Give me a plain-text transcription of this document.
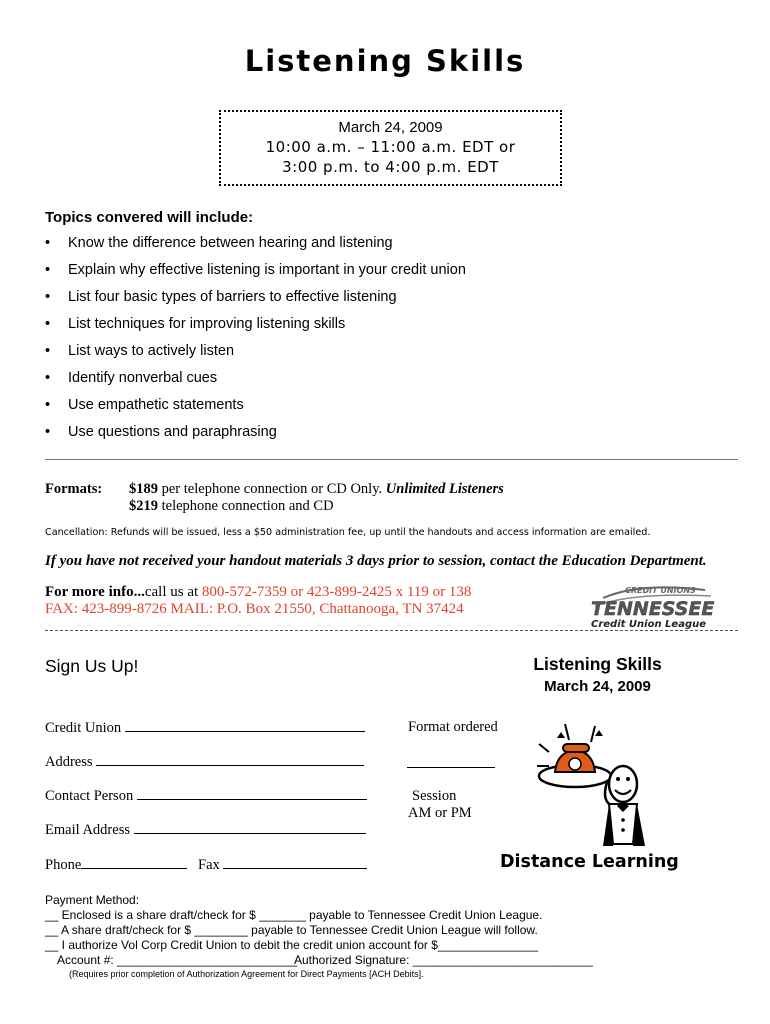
Listening Skills
March 24, 2009
10:00 a.m. – 11:00 a.m. EDT or
3:00 p.m. to 4:00 p.m. EDT
Topics convered will include:
• Know the difference between hearing and listening
• Explain why effective listening is important in your credit union
• List four basic types of barriers to effective listening
• List techniques for improving listening skills
• List ways to actively listen
• Identify nonverbal cues
• Use empathetic statements
• Use questions and paraphrasing
Formats: $189 per telephone connection or CD Only. Unlimited Listeners
$219 telephone connection and CD
Cancellation: Refunds will be issued, less a $50 administration fee, up until the handouts and access information are emailed.
If you have not received your handout materials 3 days prior to session, contact the Education Department.
For more info...call us at 800-572-7359 or 423-899-2425 x 119 or 138
FAX: 423-899-8726 MAIL: P.O. Box 21550, Chattanooga, TN 37424
CREDIT UNIONS
TENNESSEE
Credit Union League
Sign Us Up!	Listening Skills
March 24, 2009
Credit Union
Address
Contact Person
Email Address
Phone	Fax
Format ordered
Session
AM or PM
Distance Learning
Payment Method:
__ Enclosed is a share draft/check for $ _______ payable to Tennessee Credit Union League.
__ A share draft/check for $ ________ payable to Tennessee Credit Union League will follow.
__ I authorize Vol Corp Credit Union to debit the credit union account for $_______________
Account #: ___________________________
Authorized Signature: ___________________________
(Requires prior completion of Authorization Agreement for Direct Payments [ACH Debits].
